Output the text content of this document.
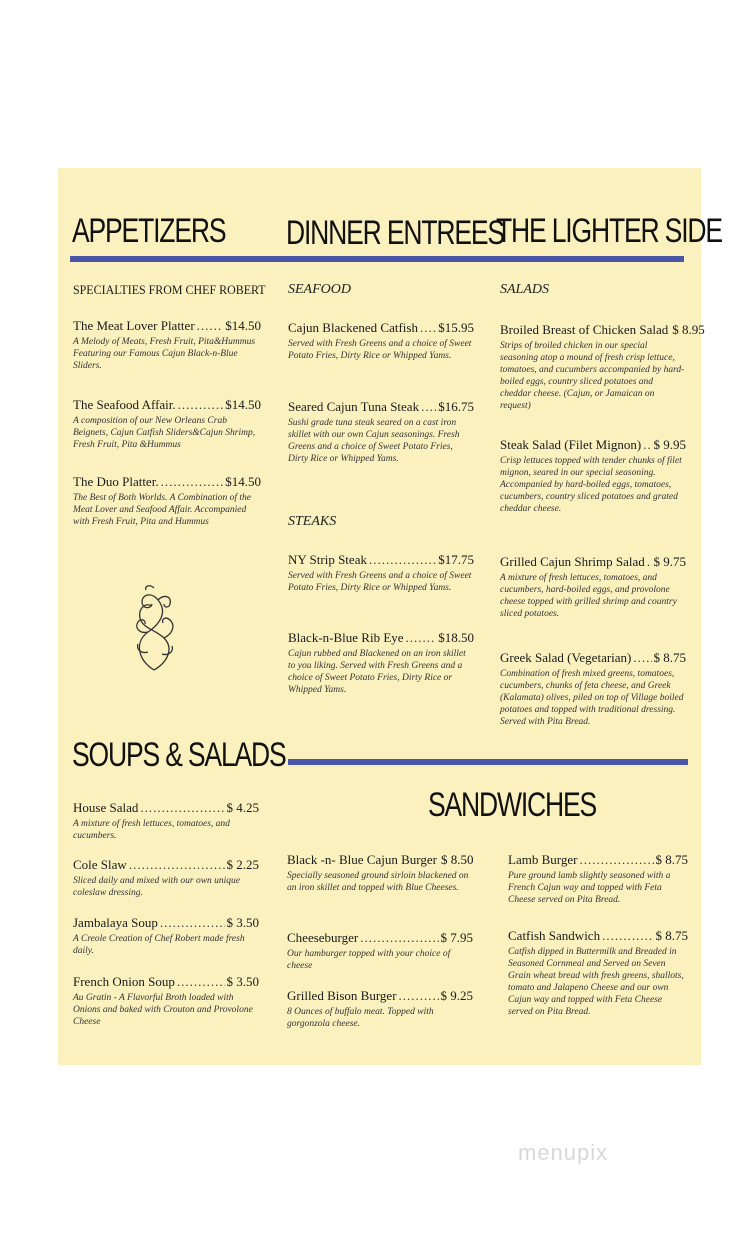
APPETIZERS DINNER ENTREES
THE LIGHTER SIDE
SPECIALTIES FROM CHEF ROBERT
The Meat Lover Platter ..... $14.50
A Melody of Meats, Fresh Fruit, Pita&Hummus Featuring our Famous Cajun Black-n-Blue Sliders.
The Seafood Affair. .....	$14.50
A composition of our New Orleans Crab Beignets, Cajun Catfish Sliders&Cajun Shrimp, Fresh Fruit, Pita &Hummus
The Duo Platter. .....	$14.50
The Best of Both Worlds. A Combination of the Meat Lover and Seafood Affair. Accompanied with Fresh Fruit, Pita and Hummus
SOUPS & SALADS
House Salad .....	$ 4.25
A mixture of fresh lettuces, tomatoes, and cucumbers.
Cole Slaw .....	$ 2.25
Sliced daily and mixed with our own unique coleslaw dressing.
Jambalaya Soup .....	$ 3.50
A Creole Creation of Chef Robert made fresh daily.
French Onion Soup .....	$ 3.50
Au Gratin - A Flavorful Broth loaded with Onions and baked with Crouton and Provolone Cheese
SEAFOOD
Cajun Blackened Catfish ..... $15.95
Served with Fresh Greens and a choice of Sweet Potato Fries, Dirty Rice or Whipped Yams.
Seared Cajun Tuna Steak ..... $16.75
Sushi grade tuna steak seared on a cast iron skillet with our own Cajun seasonings. Fresh Greens and a choice of Sweet Potato Fries, Dirty Rice or Whipped Yams.
STEAKS
NY Strip Steak .....	$17.75
Served with Fresh Greens and a choice of Sweet Potato Fries, Dirty Rice or Whipped Yams.
Black-n-Blue Rib Eye .....	$18.50
Cajun rubbed and Blackened on an iron skillet to you liking. Served with Fresh Greens and a choice of Sweet Potato Fries, Dirty Rice or Whipped Yams.
SALADS
Broiled Breast of Chicken Salad $ 8.95
Strips of broiled chicken in our special seasoning atop a mound of fresh crisp lettuce, tomatoes, and cucumbers accompanied by hard-boiled eggs, country sliced potatoes and cheddar cheese. (Cajun, or Jamaican on request)
Steak Salad (Filet Mignon) ..... $ 9.95
Crisp lettuces topped with tender chunks of filet mignon, seared in our special seasoning. Accompanied by hard-boiled eggs, tomatoes, cucumbers, country sliced potatoes and grated cheddar cheese.
Grilled Cajun Shrimp Salad ..... $ 9.75
A mixture of fresh lettuces, tomatoes, and cucumbers, hard-boiled eggs, and provolone cheese topped with grilled shrimp and country sliced potatoes.
Greek Salad (Vegetarian) ..... $ 8.75
Combination of fresh mixed greens, tomatoes, cucumbers, chunks of feta cheese, and Greek (Kalamata) olives, piled on top of Village boiled potatoes and topped with traditional dressing. Served with Pita Bread.
SANDWICHES
Black -n- Blue Cajun Burger $ 8.50
Specially seasoned ground sirloin blackened on an iron skillet and topped with Blue Cheeses.
Cheeseburger .....	$ 7.95
Our hamburger topped with your choice of cheese
Grilled Bison Burger .....	$ 9.25
8 Ounces of buffalo meat. Topped with gorgonzola cheese.
Lamb Burger .....	$ 8.75
Pure ground lamb slightly seasoned with a French Cajun way and topped with Feta Cheese served on Pita Bread.
Catfish Sandwich .....	$ 8.75
Catfish dipped in Buttermilk and Breaded in Seasoned Cornmeal and Served on Seven Grain wheat bread with fresh greens, shallots, tomato and Jalapeno Cheese and our own Cajun way and topped with Feta Cheese served on Pita Bread.
menupix
